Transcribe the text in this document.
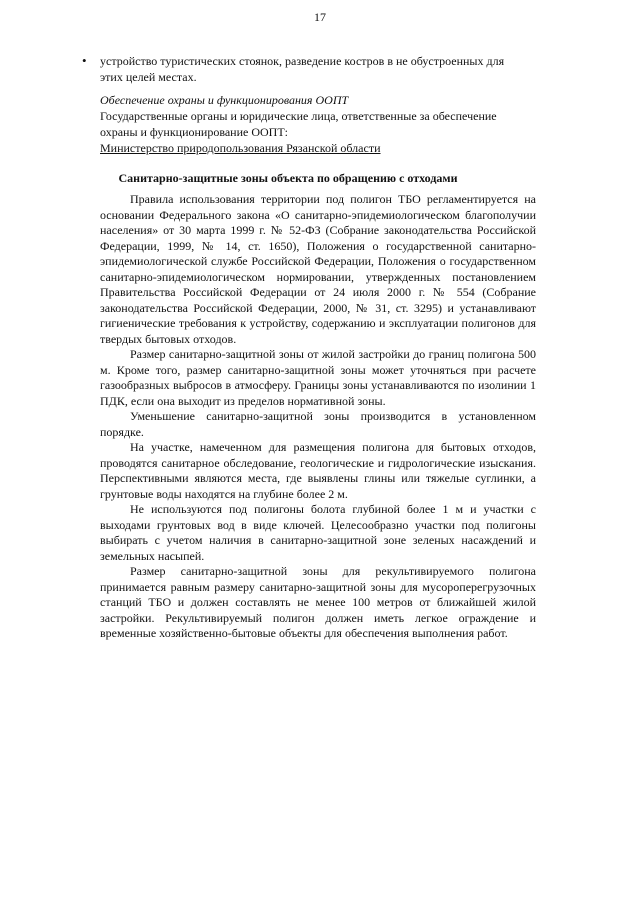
17
•	устройство туристических стоянок, разведение костров в не обустроенных для этих целей местах.
Обеспечение охраны и функционирования ООПТ
Государственные органы и юридические лица, ответственные за обеспечение охраны и функционирование ООПТ:
Министерство природопользования Рязанской области
Санитарно-защитные зоны объекта по обращению с отходами

Правила использования территории под полигон ТБО регламентируется на основании Федерального закона «О санитарно-эпидемиологическом благополучии населения» от 30 марта 1999 г. № 52-ФЗ (Собрание законодательства Российской Федерации, 1999, № 14, ст. 1650), Положения о государственной санитарно-эпидемиологической службе Российской Федерации, Положения о государственном санитарно-эпидемиологическом нормировании, утвержденных постановлением Правительства Российской Федерации от 24 июля 2000 г. № 554 (Собрание законодательства Российской Федерации, 2000, № 31, ст. 3295) и устанавливают гигиенические требования к устройству, содержанию и эксплуатации полигонов для твердых бытовых отходов.

Размер санитарно-защитной зоны от жилой застройки до границ полигона 500 м. Кроме того, размер санитарно-защитной зоны может уточняться при расчете газообразных выбросов в атмосферу. Границы зоны устанавливаются по изолинии 1 ПДК, если она выходит из пределов нормативной зоны.

Уменьшение санитарно-защитной зоны производится в установленном порядке.

На участке, намеченном для размещения полигона для бытовых отходов, проводятся санитарное обследование, геологические и гидрологические изыскания. Перспективными являются места, где выявлены глины или тяжелые суглинки, а грунтовые воды находятся на глубине более 2 м.

Не используются под полигоны болота глубиной более 1 м и участки с выходами грунтовых вод в виде ключей. Целесообразно участки под полигоны выбирать с учетом наличия в санитарно-защитной зоне зеленых насаждений и земельных насыпей.

Размер санитарно-защитной зоны для рекультивируемого полигона принимается равным размеру санитарно-защитной зоны для мусороперегрузочных станций ТБО и должен составлять не менее 100 метров от ближайшей жилой застройки. Рекультивируемый полигон должен иметь легкое ограждение и временные хозяйственно-бытовые объекты для обеспечения выполнения работ.
